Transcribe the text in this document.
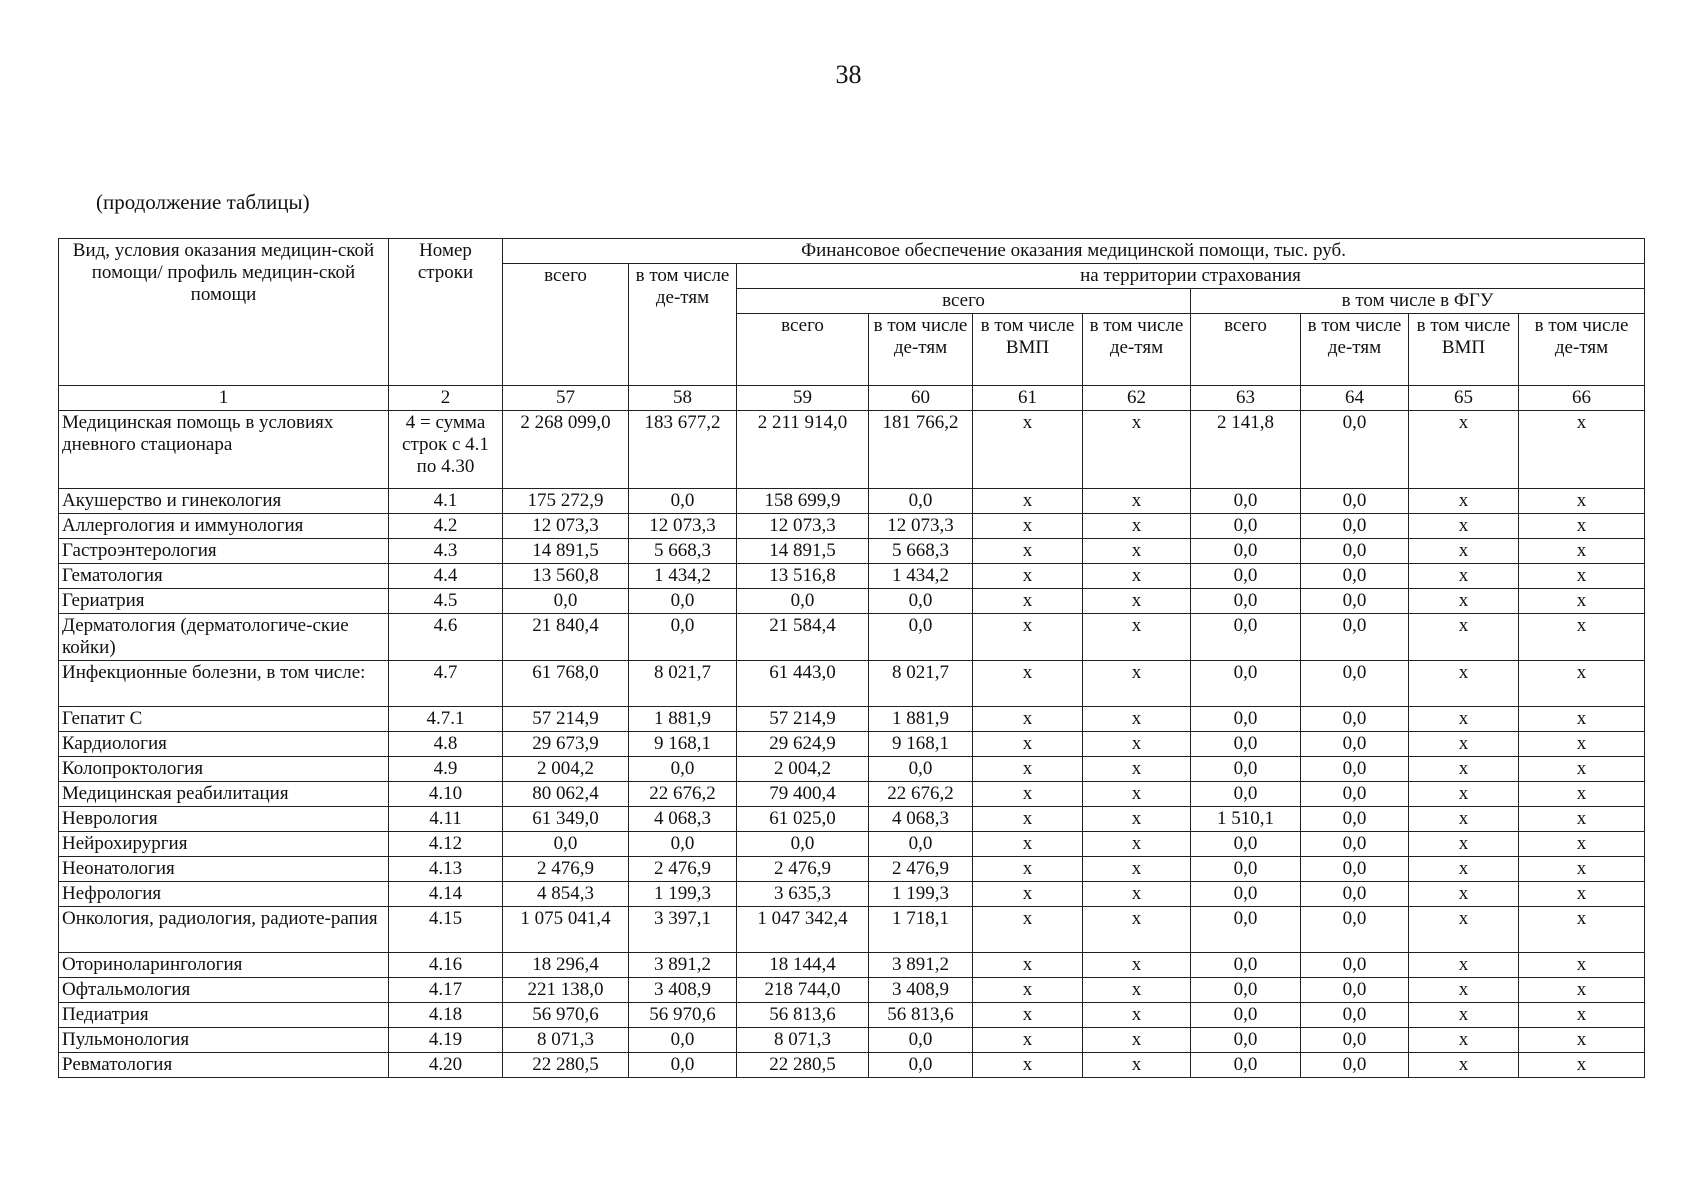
38
(продолжение таблицы)
Вид, условия оказания медицин-ской помощи/ профиль медицин-ской помощи	Номер строки	Финансовое обеспечение оказания медицинской помощи, тыс. руб.									
		всего	в том числе де-тям	на территории страхования							
				всего				в том числе в ФГУ			
				всего	в том числе де-тям	в том числе ВМП	в том числе де-тям	всего	в том числе де-тям	в том числе ВМП	в том числе де-тям
1	2	57	58	59	60	61	62	63	64	65	66
Медицинская помощь в условиях дневного стационара	4 = сумма строк с 4.1 по 4.30	2 268 099,0	183 677,2	2 211 914,0	181 766,2	x	x	2 141,8	0,0	x	x
Акушерство и гинекология	4.1	175 272,9	0,0	158 699,9	0,0	x	x	0,0	0,0	x	x
Аллергология и иммунология	4.2	12 073,3	12 073,3	12 073,3	12 073,3	x	x	0,0	0,0	x	x
Гастроэнтерология	4.3	14 891,5	5 668,3	14 891,5	5 668,3	x	x	0,0	0,0	x	x
Гематология	4.4	13 560,8	1 434,2	13 516,8	1 434,2	x	x	0,0	0,0	x	x
Гериатрия	4.5	0,0	0,0	0,0	0,0	x	x	0,0	0,0	x	x
Дерматология (дерматологиче-ские койки)	4.6	21 840,4	0,0	21 584,4	0,0	x	x	0,0	0,0	x	x
Инфекционные болезни, в том числе:	4.7	61 768,0	8 021,7	61 443,0	8 021,7	x	x	0,0	0,0	x	x
Гепатит С	4.7.1	57 214,9	1 881,9	57 214,9	1 881,9	x	x	0,0	0,0	x	x
Кардиология	4.8	29 673,9	9 168,1	29 624,9	9 168,1	x	x	0,0	0,0	x	x
Колопроктология	4.9	2 004,2	0,0	2 004,2	0,0	x	x	0,0	0,0	x	x
Медицинская реабилитация	4.10	80 062,4	22 676,2	79 400,4	22 676,2	x	x	0,0	0,0	x	x
Неврология	4.11	61 349,0	4 068,3	61 025,0	4 068,3	x	x	1 510,1	0,0	x	x
Нейрохирургия	4.12	0,0	0,0	0,0	0,0	x	x	0,0	0,0	x	x
Неонатология	4.13	2 476,9	2 476,9	2 476,9	2 476,9	x	x	0,0	0,0	x	x
Нефрология	4.14	4 854,3	1 199,3	3 635,3	1 199,3	x	x	0,0	0,0	x	x
Онкология, радиология, радиоте-рапия	4.15	1 075 041,4	3 397,1	1 047 342,4	1 718,1	x	x	0,0	0,0	x	x
Оториноларингология	4.16	18 296,4	3 891,2	18 144,4	3 891,2	x	x	0,0	0,0	x	x
Офтальмология	4.17	221 138,0	3 408,9	218 744,0	3 408,9	x	x	0,0	0,0	x	x
Педиатрия	4.18	56 970,6	56 970,6	56 813,6	56 813,6	x	x	0,0	0,0	x	x
Пульмонология	4.19	8 071,3	0,0	8 071,3	0,0	x	x	0,0	0,0	x	x
Ревматология	4.20	22 280,5	0,0	22 280,5	0,0	x	x	0,0	0,0	x	x
